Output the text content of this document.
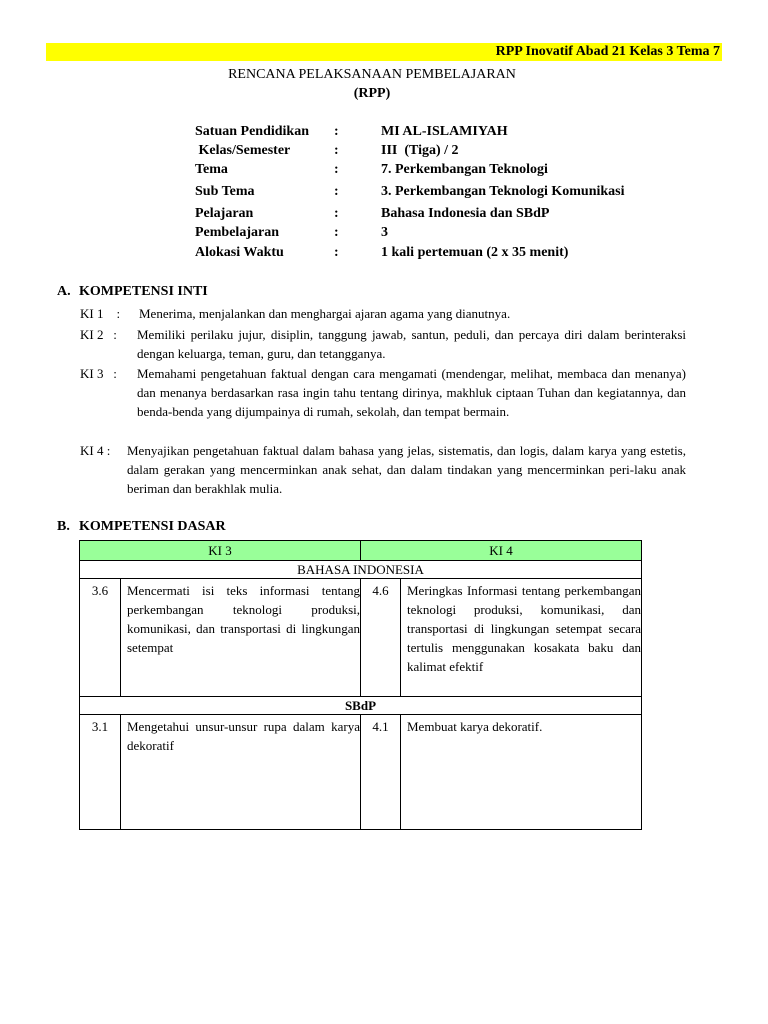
RPP Inovatif Abad 21 Kelas 3 Tema 7
RENCANA PELAKSANAAN PEMBELAJARAN
(RPP)
Satuan Pendidikan :	MI AL-ISLAMIYAH
Kelas/Semester	:	III  (Tiga) / 2
Tema	:	7. Perkembangan Teknologi
Sub Tema	:	3. Perkembangan Teknologi Komunikasi
Pelajaran	:	Bahasa Indonesia dan SBdP
Pembelajaran	:	3
Alokasi Waktu	:	1 kali pertemuan (2 x 35 menit)
A. KOMPETENSI INTI
KI 1    : Menerima, menjalankan dan menghargai ajaran agama yang dianutnya.
KI 2   : Memiliki perilaku jujur, disiplin, tanggung jawab, santun, peduli, dan percaya diri dalam berinteraksi dengan keluarga, teman, guru, dan tetangganya.
KI 3   : Memahami pengetahuan faktual dengan cara mengamati (mendengar, melihat, membaca dan menanya) dan menanya berdasarkan rasa ingin tahu tentang dirinya, makhluk ciptaan Tuhan dan kegiatannya, dan benda-benda yang dijumpainya di rumah, sekolah, dan tempat bermain.
KI 4 : Menyajikan pengetahuan faktual dalam bahasa yang jelas, sistematis, dan logis, dalam karya yang estetis, dalam gerakan yang mencerminkan anak sehat, dan dalam tindakan yang mencerminkan peri-laku anak beriman dan berakhlak mulia.
B. KOMPETENSI DASAR
KI 3		KI 4	
BAHASA INDONESIA			
3.6	Mencermati isi teks informasi tentang perkembangan teknologi produksi, komunikasi, dan transportasi di lingkungan setempat	4.6	Meringkas Informasi tentang perkembangan teknologi produksi, komunikasi, dan transportasi di lingkungan setempat secara tertulis menggunakan kosakata baku dan kalimat efektif
SBdP			
3.1	Mengetahui unsur-unsur rupa dalam karya dekoratif	4.1	Membuat karya dekoratif.
